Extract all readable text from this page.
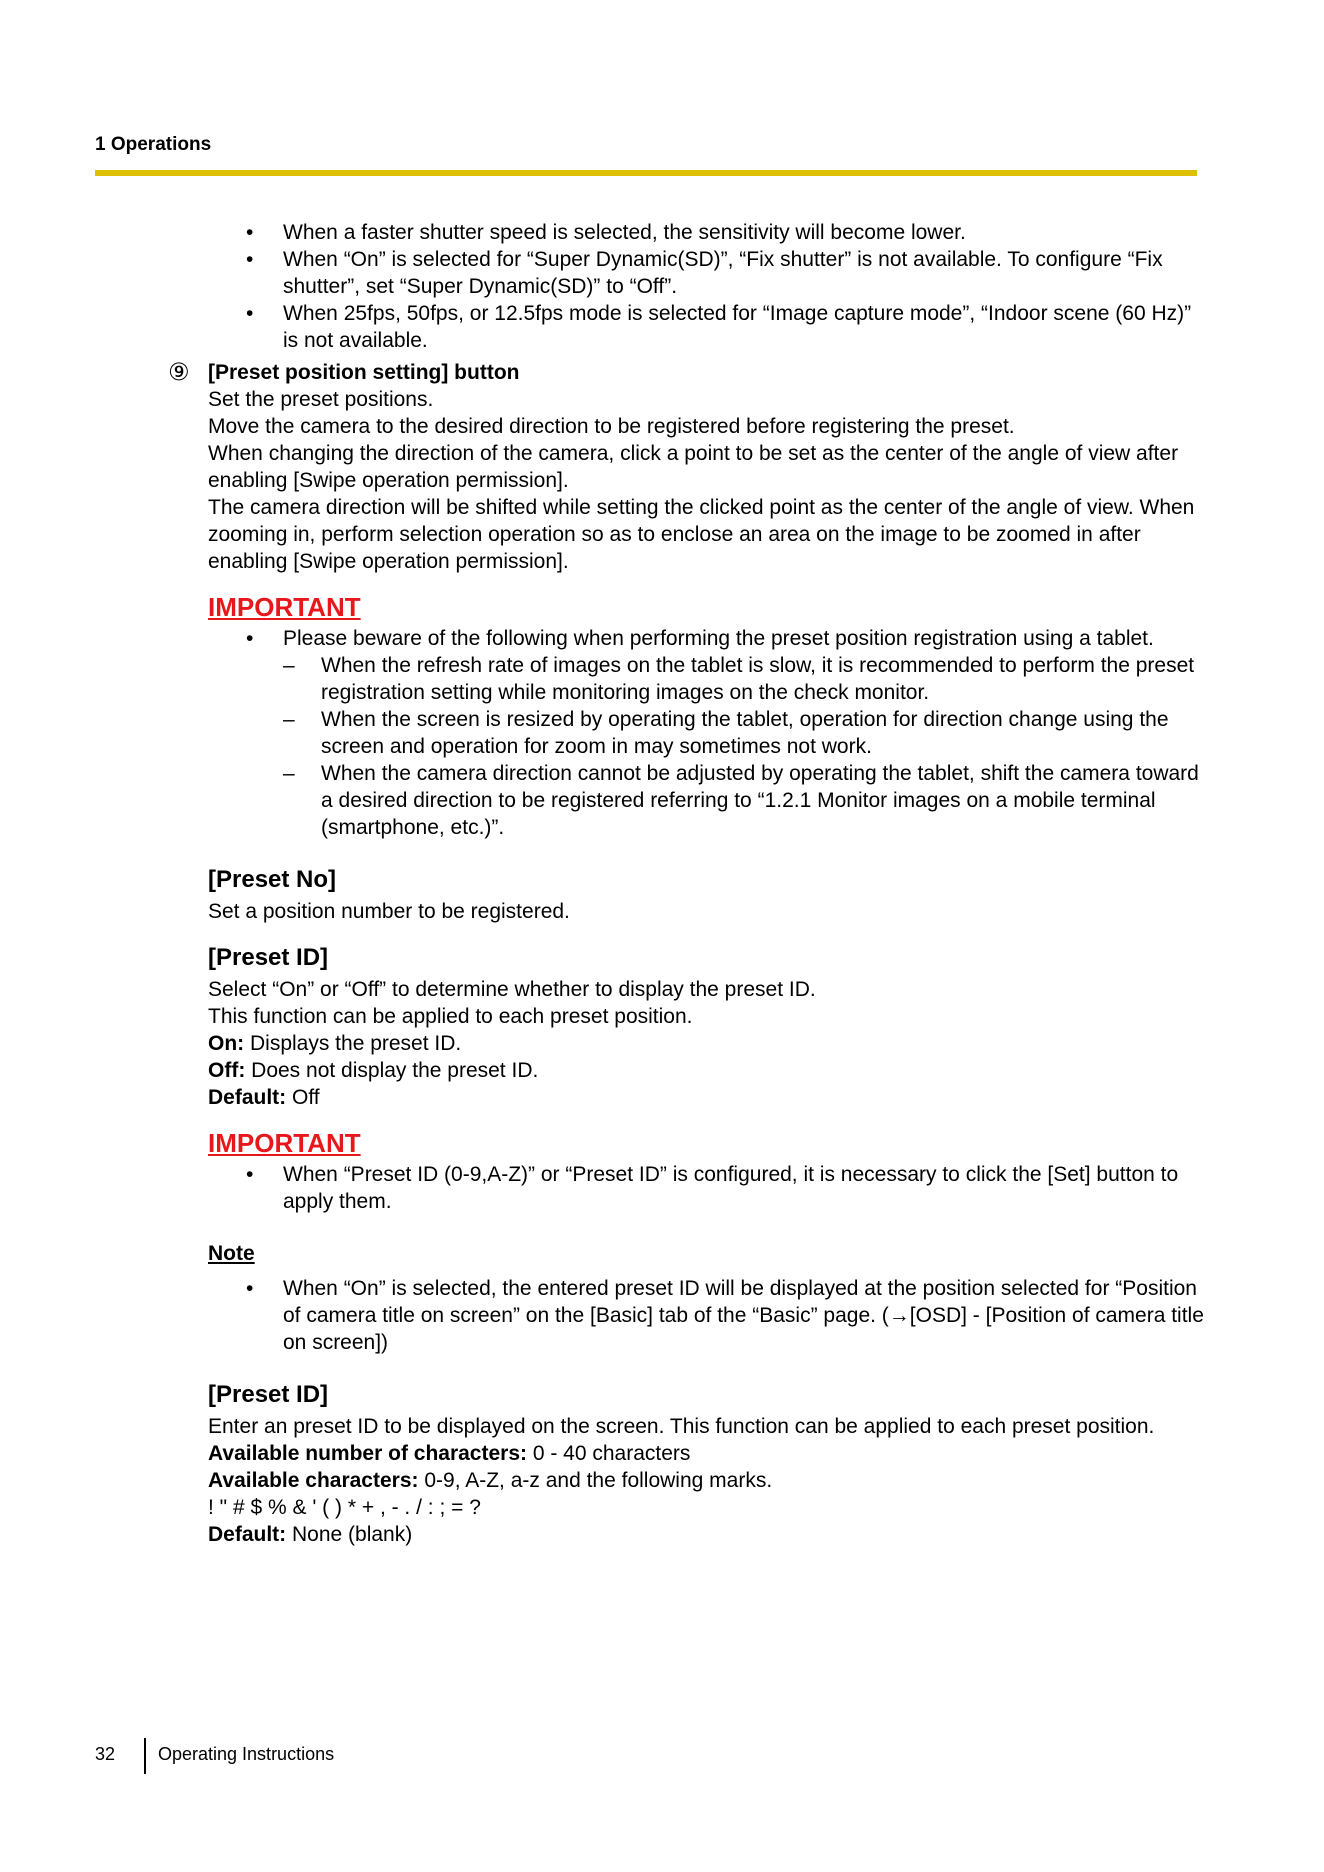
1 Operations
• When a faster shutter speed is selected, the sensitivity will become lower.
• When “On” is selected for “Super Dynamic(SD)”, “Fix shutter” is not available. To configure “Fix shutter”, set “Super Dynamic(SD)” to “Off”.
• When 25fps, 50fps, or 12.5fps mode is selected for “Image capture mode”, “Indoor scene (60 Hz)” is not available.
⑨ [Preset position setting] button

Set the preset positions.

Move the camera to the desired direction to be registered before registering the preset.

When changing the direction of the camera, click a point to be set as the center of the angle of view after enabling [Swipe operation permission].

The camera direction will be shifted while setting the clicked point as the center of the angle of view. When zooming in, perform selection operation so as to enclose an area on the image to be zoomed in after enabling [Swipe operation permission].

IMPORTANT
• Please beware of the following when performing the preset position registration using a tablet.
– When the refresh rate of images on the tablet is slow, it is recommended to perform the preset registration setting while monitoring images on the check monitor.
– When the screen is resized by operating the tablet, operation for direction change using the screen and operation for zoom in may sometimes not work.
– When the camera direction cannot be adjusted by operating the tablet, shift the camera toward a desired direction to be registered referring to “1.2.1 Monitor images on a mobile terminal (smartphone, etc.)”.
[Preset No]

Set a position number to be registered.

[Preset ID]

Select “On” or “Off” to determine whether to display the preset ID.

This function can be applied to each preset position.

On: Displays the preset ID.

Off: Does not display the preset ID.

Default: Off

IMPORTANT
• When “Preset ID (0-9,A-Z)” or “Preset ID” is configured, it is necessary to click the [Set] button to apply them.
Note
• When “On” is selected, the entered preset ID will be displayed at the position selected for “Position of camera title on screen” on the [Basic] tab of the “Basic” page. (→[OSD] - [Position of camera title on screen])
[Preset ID]

Enter an preset ID to be displayed on the screen. This function can be applied to each preset position.

Available number of characters: 0 - 40 characters

Available characters: 0-9, A-Z, a-z and the following marks.

! " # $ % & ' ( ) * + , - . / : ; = ?

Default: None (blank)

32 Operating Instructions
